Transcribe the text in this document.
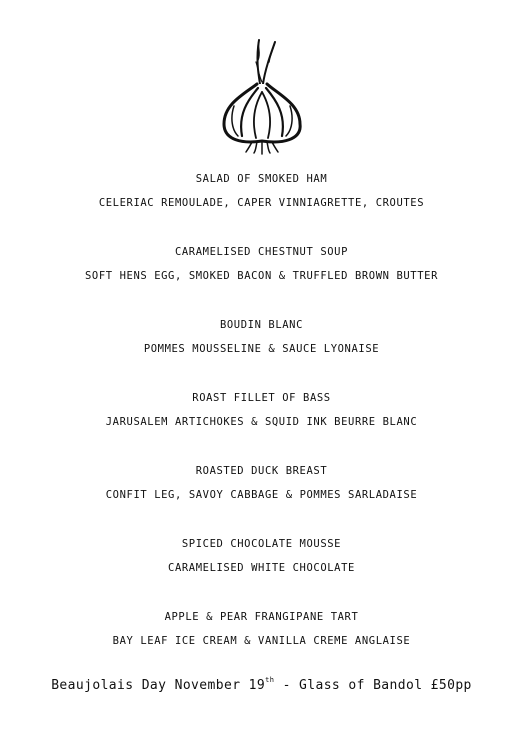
SALAD OF SMOKED HAM
CELERIAC REMOULADE, CAPER VINNIAGRETTE, CROUTES
CARAMELISED CHESTNUT SOUP
SOFT HENS EGG, SMOKED BACON & TRUFFLED BROWN BUTTER
BOUDIN BLANC
POMMES MOUSSELINE & SAUCE LYONAISE
ROAST FILLET OF BASS
JARUSALEM ARTICHOKES & SQUID INK BEURRE BLANC
ROASTED DUCK BREAST
CONFIT LEG, SAVOY CABBAGE & POMMES SARLADAISE
SPICED CHOCOLATE MOUSSE
CARAMELISED WHITE CHOCOLATE
APPLE & PEAR FRANGIPANE TART
BAY LEAF ICE CREAM & VANILLA CREME ANGLAISE
Beaujolais Day November 19th - Glass of Bandol £50pp
